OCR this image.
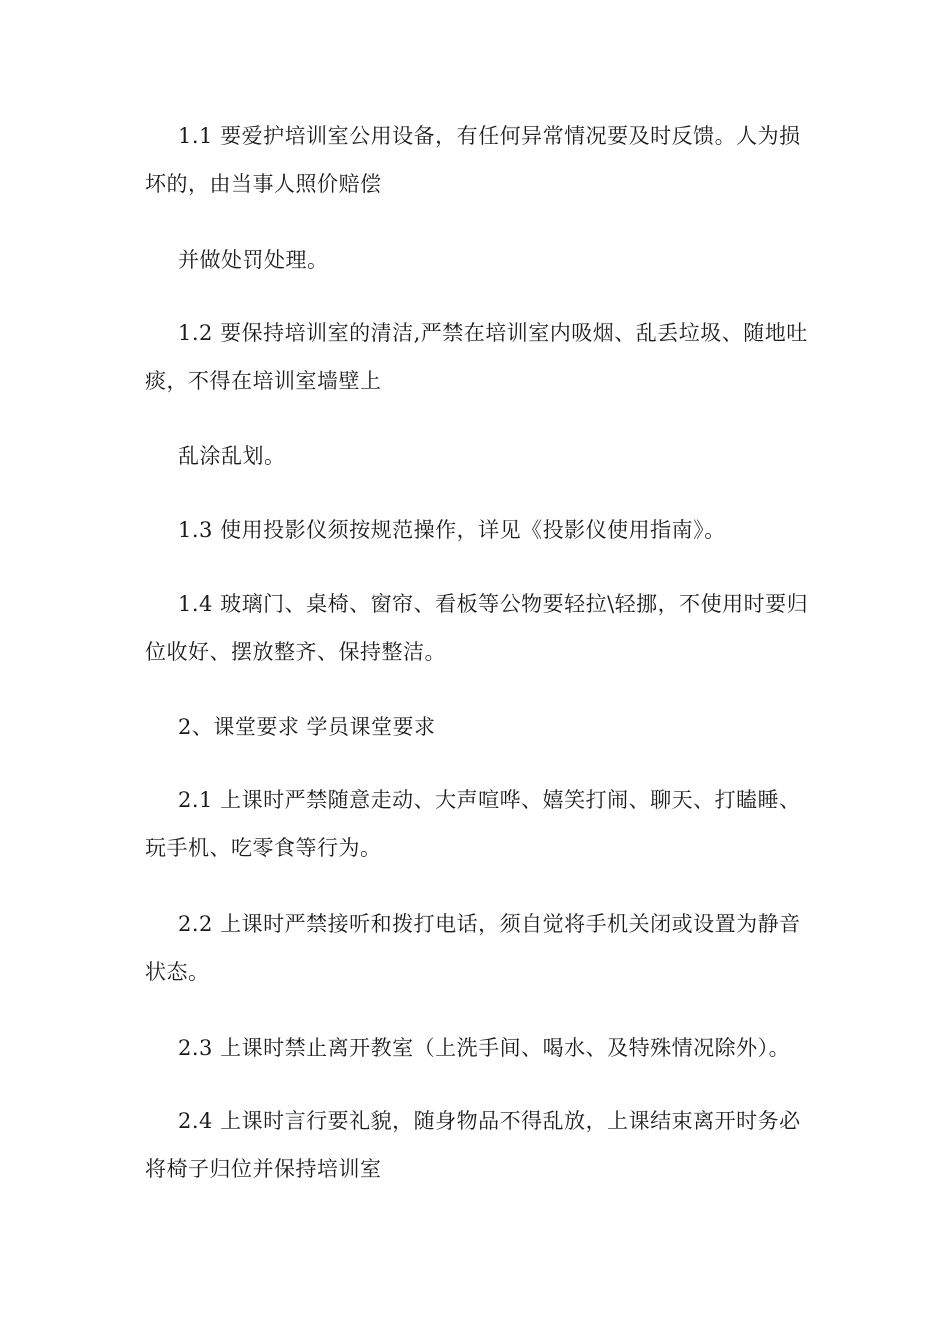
1.1 要爱护培训室公用设备，有任何异常情况要及时反馈。人为损
坏的，由当事人照价赔偿

并做处罚处理。

1.2 要保持培训室的清洁,严禁在培训室内吸烟、乱丢垃圾、随地吐
痰，不得在培训室墙壁上

乱涂乱划。

1.3 使用投影仪须按规范操作，详见《投影仪使用指南》。

1.4 玻璃门、桌椅、窗帘、看板等公物要轻拉\轻挪，不使用时要归
位收好、摆放整齐、保持整洁。

2、课堂要求 学员课堂要求

2.1 上课时严禁随意走动、大声喧哗、嬉笑打闹、聊天、打瞌睡、
玩手机、吃零食等行为。

2.2 上课时严禁接听和拨打电话，须自觉将手机关闭或设置为静音
状态。

2.3 上课时禁止离开教室（上洗手间、喝水、及特殊情况除外）。

2.4 上课时言行要礼貌，随身物品不得乱放，上课结束离开时务必
将椅子归位并保持培训室
